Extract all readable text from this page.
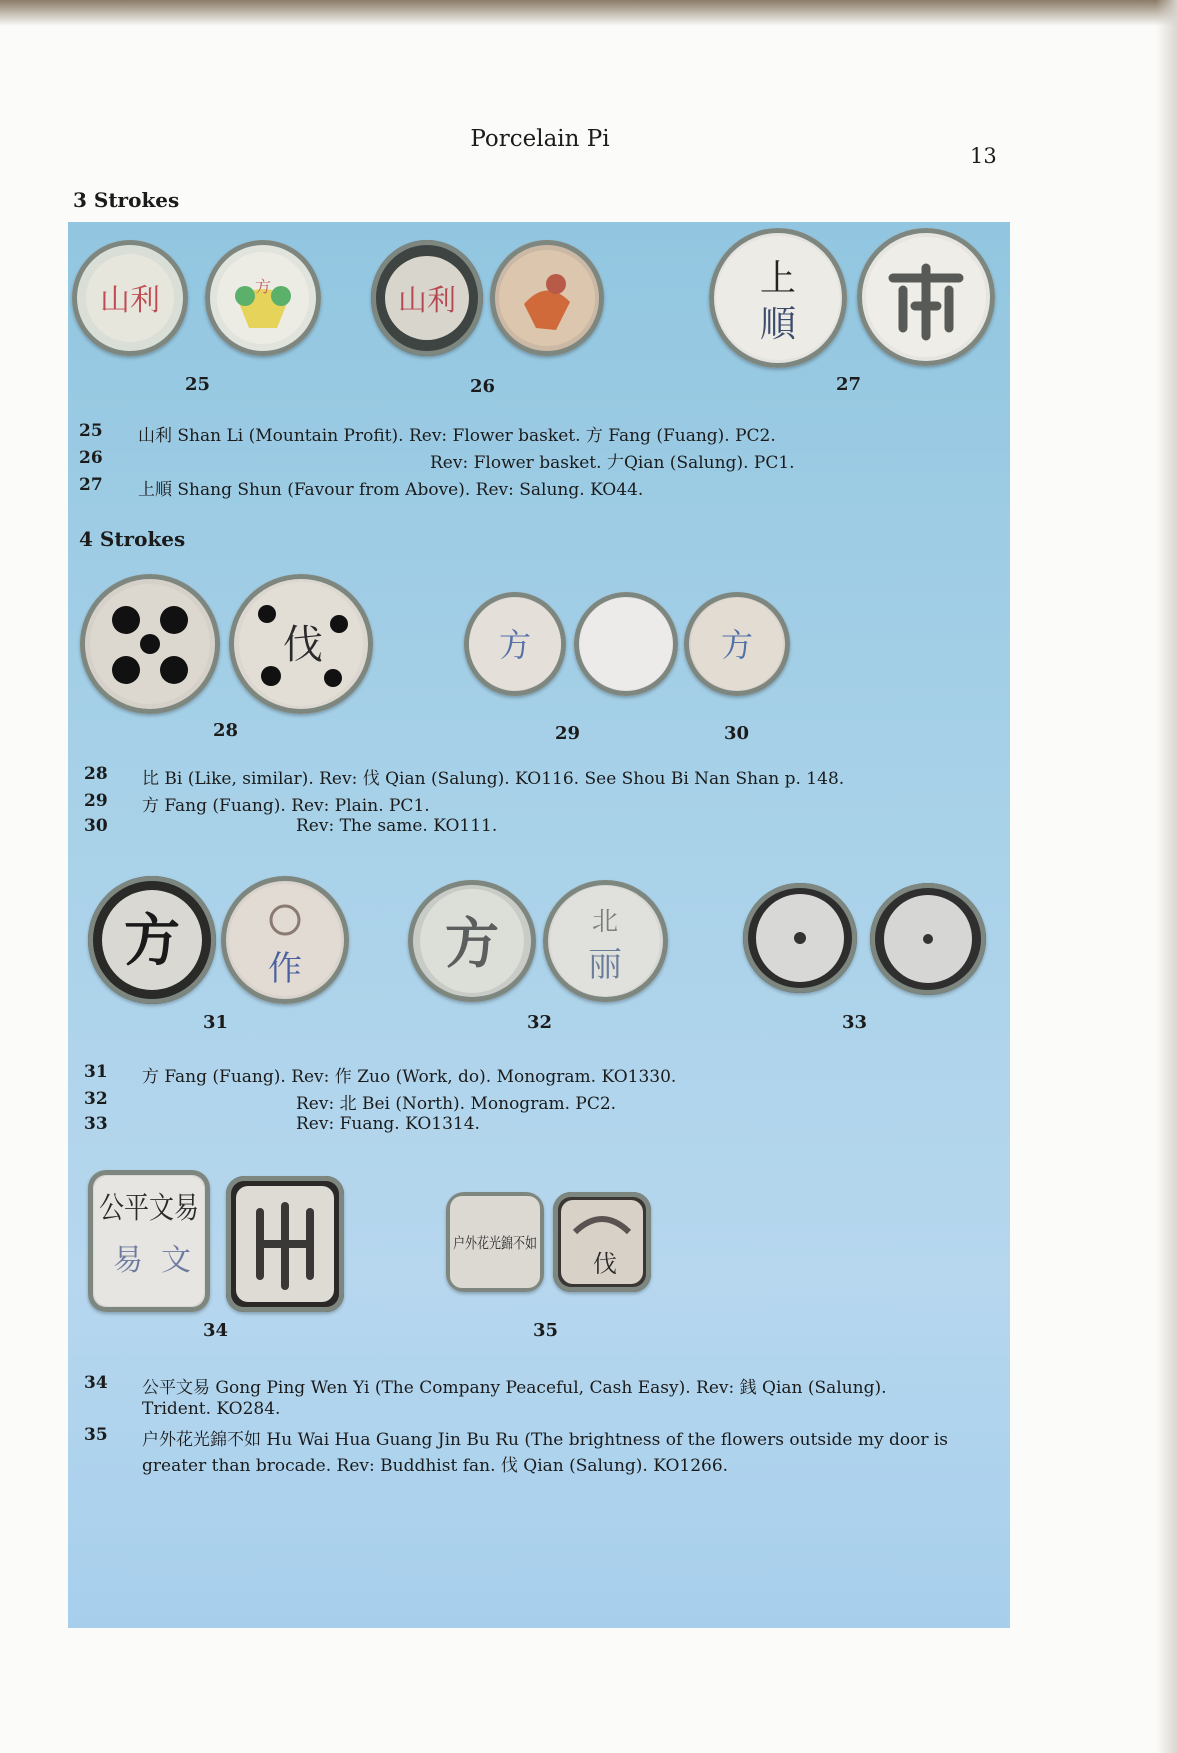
Porcelain Pi
13
3 Strokes
4 Strokes
山利	方	山利
上
順
25	26	27
25 山利 Shan Li (Mountain Profit). Rev: Flower basket. 方 Fang (Fuang). PC2.
26	Rev: Flower basket. 𠂇Qian (Salung). PC1.
27 上順 Shang Shun (Favour from Above). Rev: Salung. KO44.
伐	方	方
28	29	30
28 比 Bi (Like, similar). Rev: 伐 Qian (Salung). KO116. See Shou Bi Nan Shan p. 148.
29 方 Fang (Fuang). Rev: Plain. PC1.
30	Rev: The same. KO111.
方	作	方	北
丽
31	32	33
31 方 Fang (Fuang). Rev: 作 Zuo (Work, do). Monogram. KO1330.
32	Rev: 北 Bei (North). Monogram. PC2.
33	Rev: Fuang. KO1314.
公平文易
易 文	户外花光錦不如
伐
34	35
34 公平文易 Gong Ping Wen Yi (The Company Peaceful, Cash Easy). Rev: 銭 Qian (Salung).
Trident. KO284.
35 户外花光錦不如 Hu Wai Hua Guang Jin Bu Ru (The brightness of the flowers outside my door is
greater than brocade. Rev: Buddhist fan. 伐 Qian (Salung). KO1266.
